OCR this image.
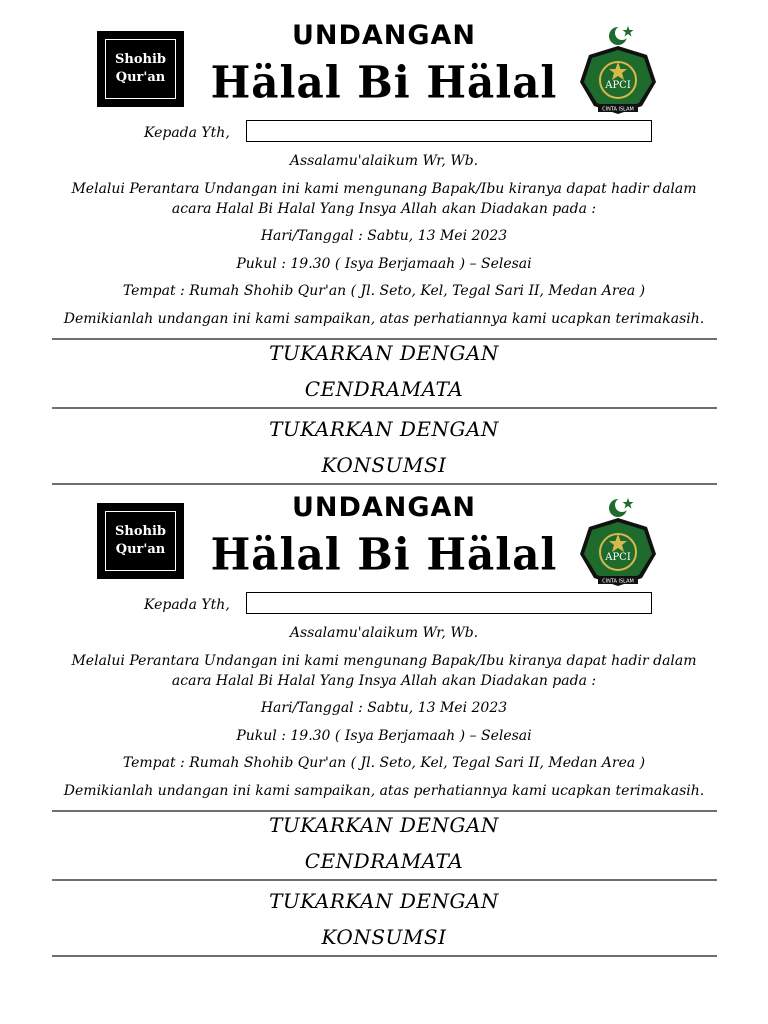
Shohib
Qur'an
UNDANGAN
Hälal Bi Hälal	APCI
CINTA ISLAM
Kepada Yth,
Assalamu'alaikum Wr, Wb.
Melalui Perantara Undangan ini kami mengunang Bapak/Ibu kiranya dapat hadir dalam
acara Halal Bi Halal Yang Insya Allah akan Diadakan pada :
Hari/Tanggal : Sabtu, 13 Mei 2023
Pukul : 19.30 ( Isya Berjamaah ) – Selesai
Tempat : Rumah Shohib Qur'an ( Jl. Seto, Kel, Tegal Sari II, Medan Area )
Demikianlah undangan ini kami sampaikan, atas perhatiannya kami ucapkan terimakasih.
TUKARKAN DENGAN
CENDRAMATA
TUKARKAN DENGAN
KONSUMSI
Shohib
Qur'an
UNDANGAN
Hälal Bi Hälal	APCI
CINTA ISLAM
Kepada Yth,
Assalamu'alaikum Wr, Wb.
Melalui Perantara Undangan ini kami mengunang Bapak/Ibu kiranya dapat hadir dalam
acara Halal Bi Halal Yang Insya Allah akan Diadakan pada :
Hari/Tanggal : Sabtu, 13 Mei 2023
Pukul : 19.30 ( Isya Berjamaah ) – Selesai
Tempat : Rumah Shohib Qur'an ( Jl. Seto, Kel, Tegal Sari II, Medan Area )
Demikianlah undangan ini kami sampaikan, atas perhatiannya kami ucapkan terimakasih.
TUKARKAN DENGAN
CENDRAMATA
TUKARKAN DENGAN
KONSUMSI
